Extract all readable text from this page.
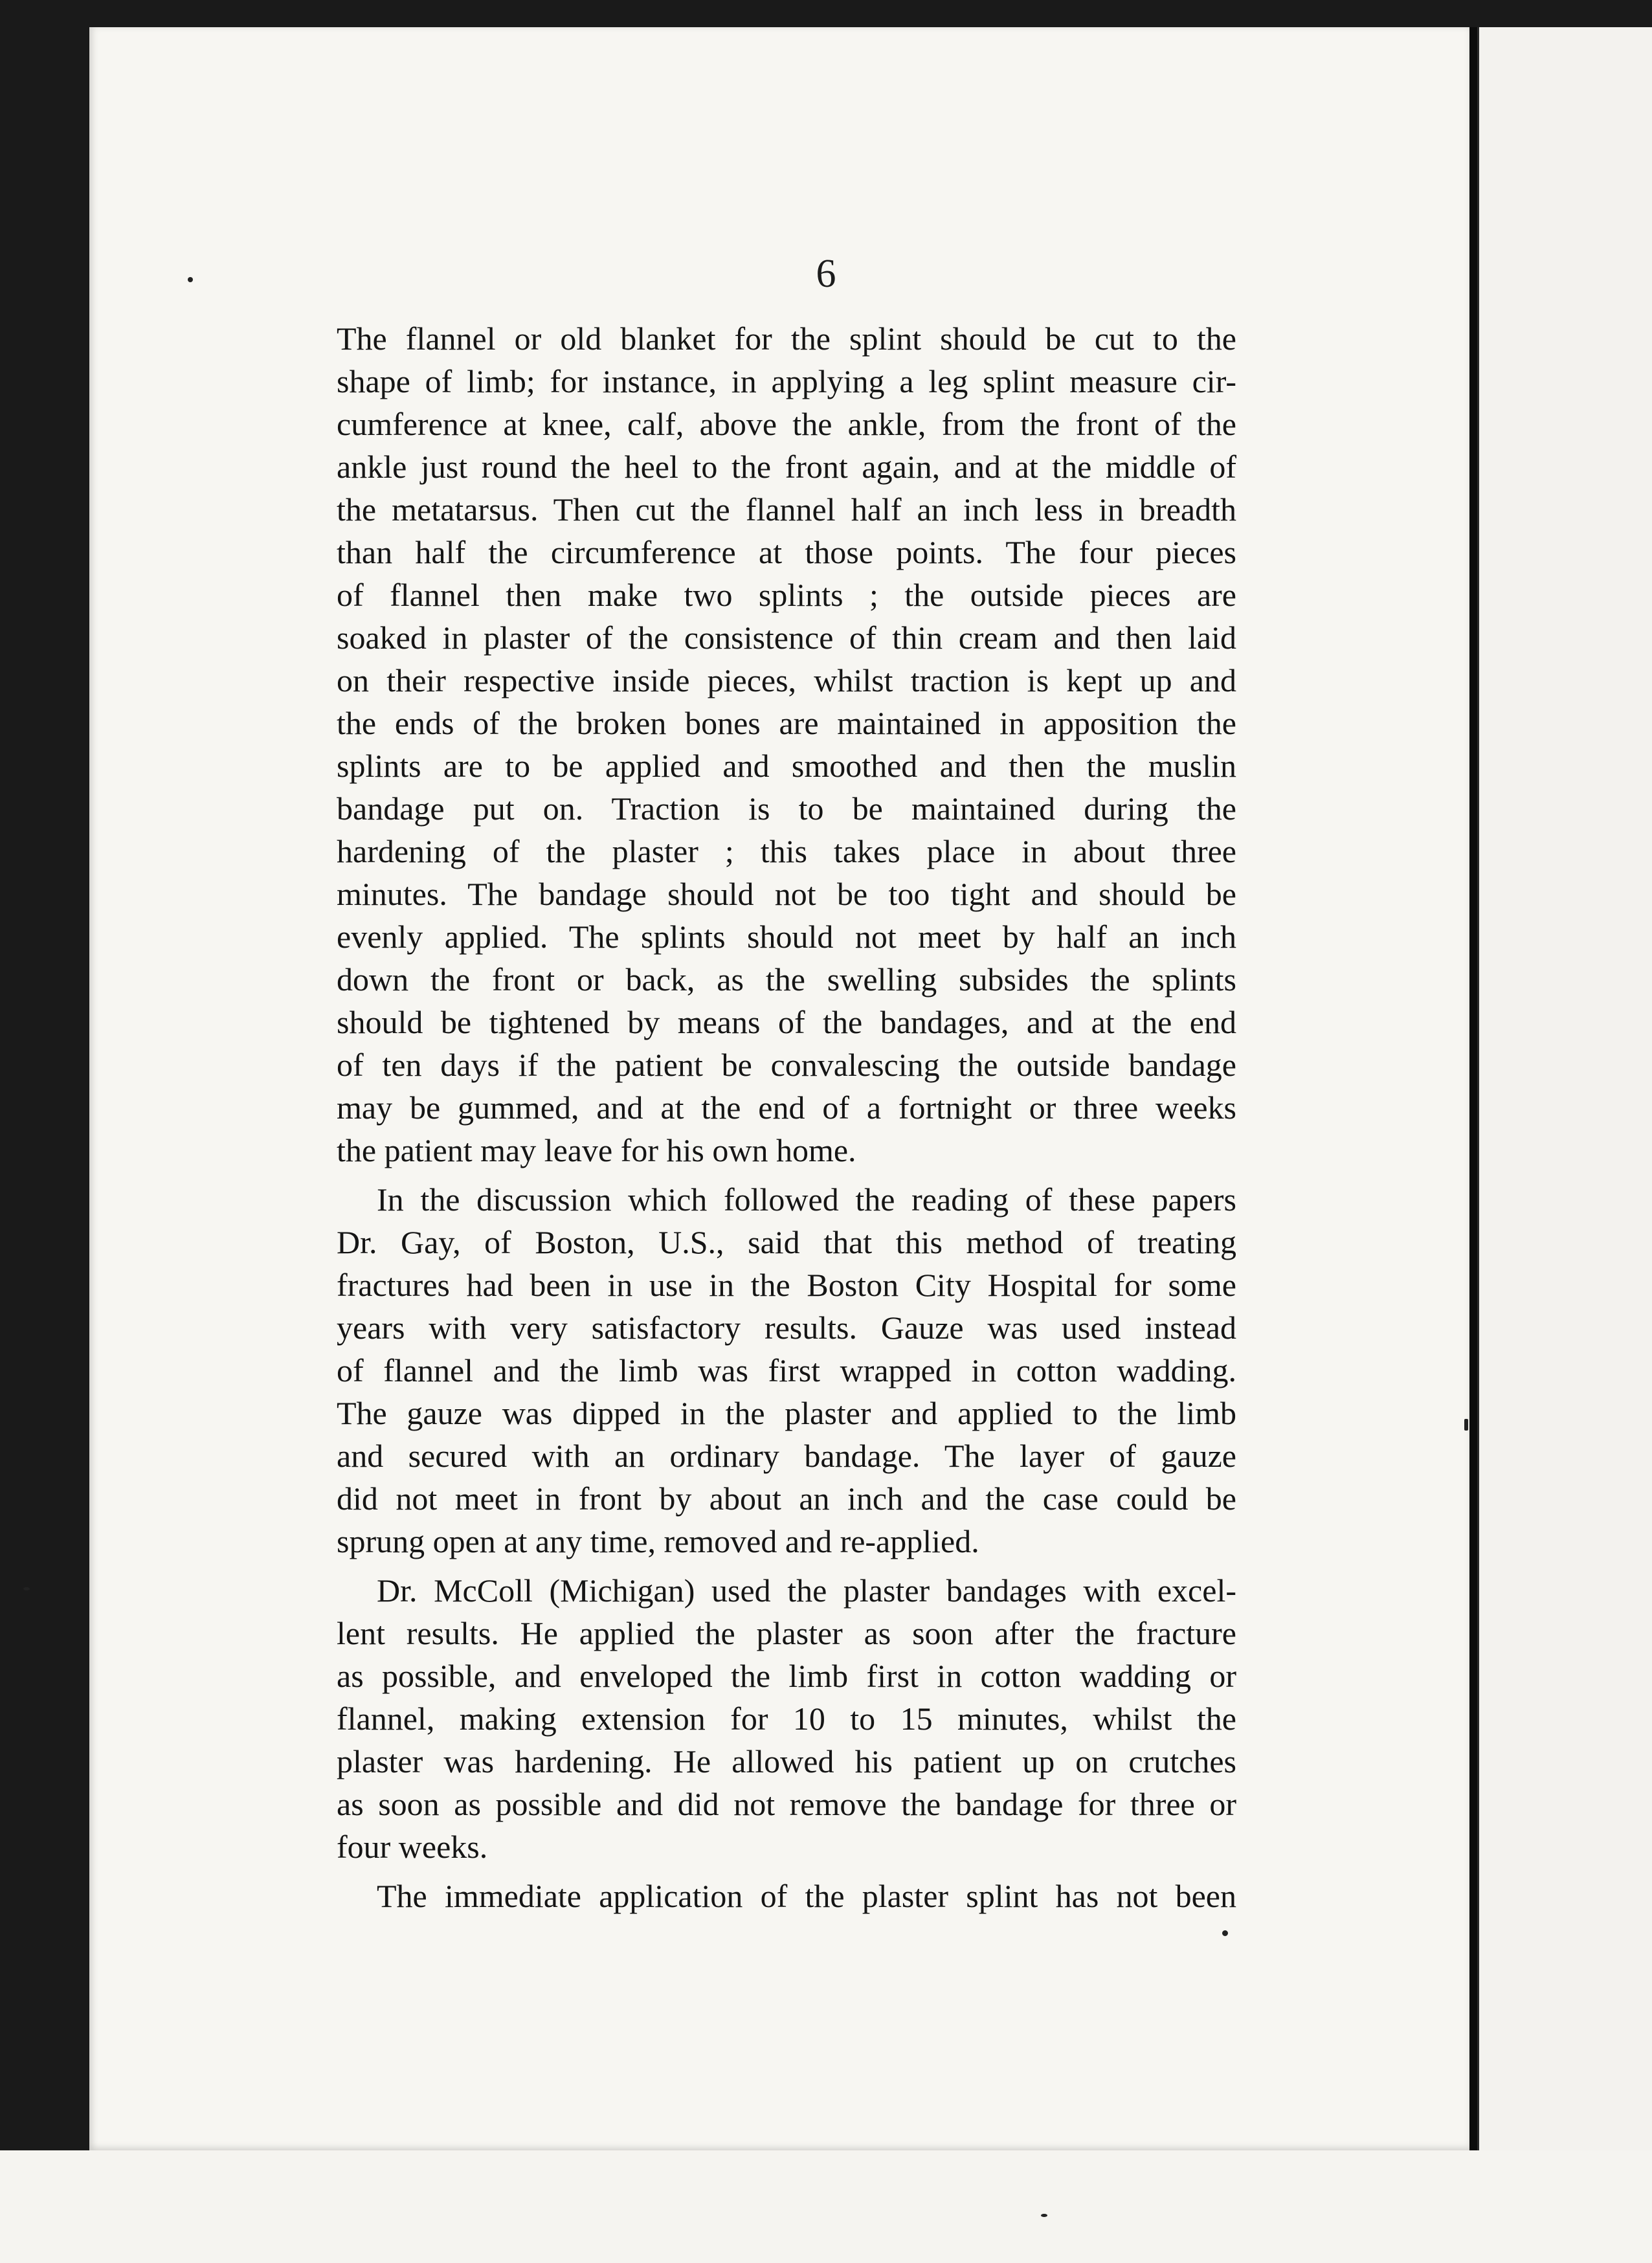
6
The flannel or old blanket for the splint should be cut to the
shape of limb; for instance, in applying a leg splint measure cir-
cumference at knee, calf, above the ankle, from the front of the
ankle just round the heel to the front again, and at the middle of
the metatarsus. Then cut the flannel half an inch less in breadth
than half the circumference at those points. The four pieces
of flannel then make two splints ; the outside pieces are
soaked in plaster of the consistence of thin cream and then laid
on their respective inside pieces, whilst traction is kept up and
the ends of the broken bones are maintained in apposition the
splints are to be applied and smoothed and then the muslin
bandage put on. Traction is to be maintained during the
hardening of the plaster ; this takes place in about three
minutes. The bandage should not be too tight and should be
evenly applied. The splints should not meet by half an inch
down the front or back, as the swelling subsides the splints
should be tightened by means of the bandages, and at the end
of ten days if the patient be convalescing the outside bandage
may be gummed, and at the end of a fortnight or three weeks
the patient may leave for his own home.
In the discussion which followed the reading of these papers
Dr. Gay, of Boston, U.S., said that this method of treating
fractures had been in use in the Boston City Hospital for some
years with very satisfactory results. Gauze was used instead
of flannel and the limb was first wrapped in cotton wadding.
The gauze was dipped in the plaster and applied to the limb
and secured with an ordinary bandage. The layer of gauze
did not meet in front by about an inch and the case could be
sprung open at any time, removed and re-applied.
Dr. McColl (Michigan) used the plaster bandages with excel-
lent results. He applied the plaster as soon after the fracture
as possible, and enveloped the limb first in cotton wadding or
flannel, making extension for 10 to 15 minutes, whilst the
plaster was hardening. He allowed his patient up on crutches
as soon as possible and did not remove the bandage for three or
four weeks.
The immediate application of the plaster splint has not been
